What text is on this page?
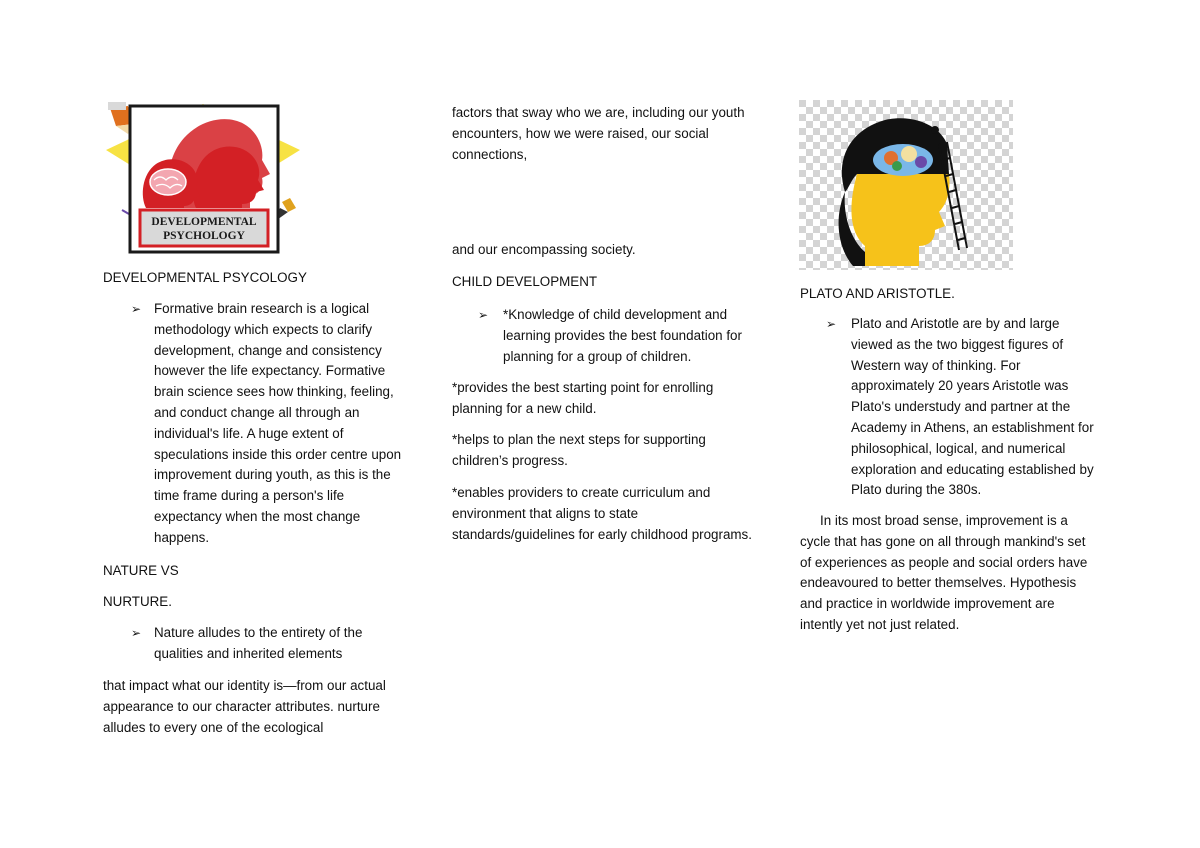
DEVELOPMENTAL
PSYCHOLOGY
DEVELOPMENTAL PSYCOLOGY
➢ Formative brain research is a logical methodology which expects to clarify development, change and consistency however the life expectancy. Formative brain science sees how thinking, feeling, and conduct change all through an individual's life. A huge extent of speculations inside this order centre upon improvement during youth, as this is the time frame during a person's life expectancy when the most change happens.

NATURE VS
NURTURE.
➢ Nature alludes to the entirety of the qualities and inherited elements

that impact what our identity is—from our actual appearance to our character attributes. nurture alludes to every one of the ecological

factors that sway who we are, including our youth encounters, how we were raised, our social connections,

and our encompassing society.

CHILD DEVELOPMENT
➢ *Knowledge of child development and learning provides the best foundation for planning for a group of children.

*provides the best starting point for enrolling planning for a new child.

*helps to plan the next steps for supporting children’s progress.

*enables providers to create curriculum and environment that aligns to state standards/guidelines for early childhood programs.

PLATO AND ARISTOTLE.
➢ Plato and Aristotle are by and large viewed as the two biggest figures of Western way of thinking. For approximately 20 years Aristotle was Plato's understudy and partner at the Academy in Athens, an establishment for philosophical, logical, and numerical exploration and educating established by Plato during the 380s.

In its most broad sense, improvement is a cycle that has gone on all through mankind's set of experiences as people and social orders have endeavoured to better themselves. Hypothesis and practice in worldwide improvement are intently yet not just related.
